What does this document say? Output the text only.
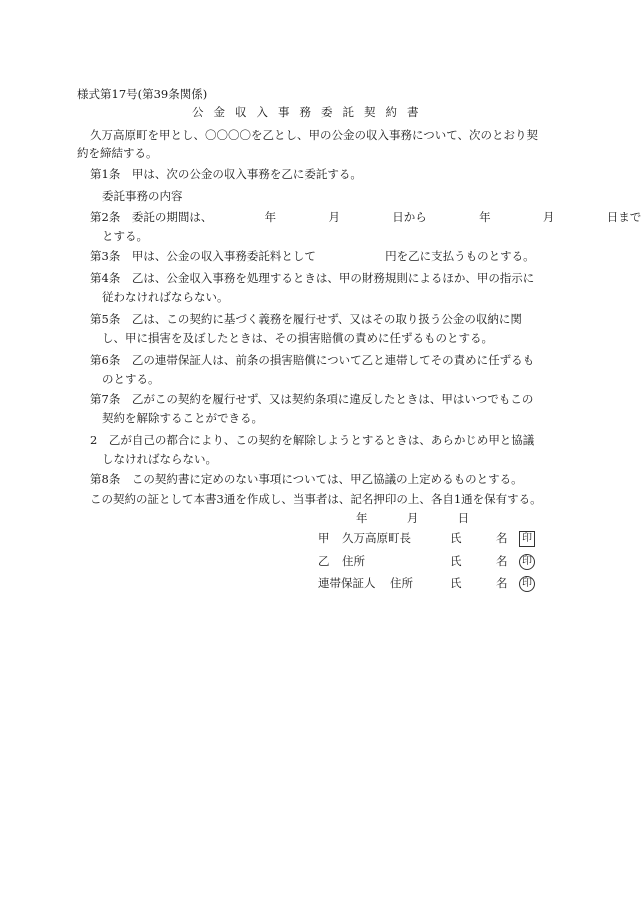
様式第17号(第39条関係)
公金収入事務委託契約書
久万高原町を甲とし、〇〇〇〇を乙とし、甲の公金の収入事務について、次のとおり契
約を締結する。
第1条　甲は、次の公金の収入事務を乙に委託する。
委託事務の内容
第2条　委託の期間は、	年	月	日から	年	月	日まで
とする。
第3条　甲は、公金の収入事務委託料として	円を乙に支払うものとする。
第4条　乙は、公金収入事務を処理するときは、甲の財務規則によるほか、甲の指示に
従わなければならない。
第5条　乙は、この契約に基づく義務を履行せず、又はその取り扱う公金の収納に関
し、甲に損害を及ぼしたときは、その損害賠償の責めに任ずるものとする。
第6条　乙の連帯保証人は、前条の損害賠償について乙と連帯してその責めに任ずるも
のとする。
第7条　乙がこの契約を履行せず、又は契約条項に違反したときは、甲はいつでもこの
契約を解除することができる。
2　乙が自己の都合により、この契約を解除しようとするときは、あらかじめ甲と協議
しなければならない。
第8条　この契約書に定めのない事項については、甲乙協議の上定めるものとする。
この契約の証として本書3通を作成し、当事者は、記名押印の上、各自1通を保有する。
年	月	日
甲 久万高原町長	氏	名	印
乙 住所	氏	名	印
連帯保証人 住所	氏	名	印
